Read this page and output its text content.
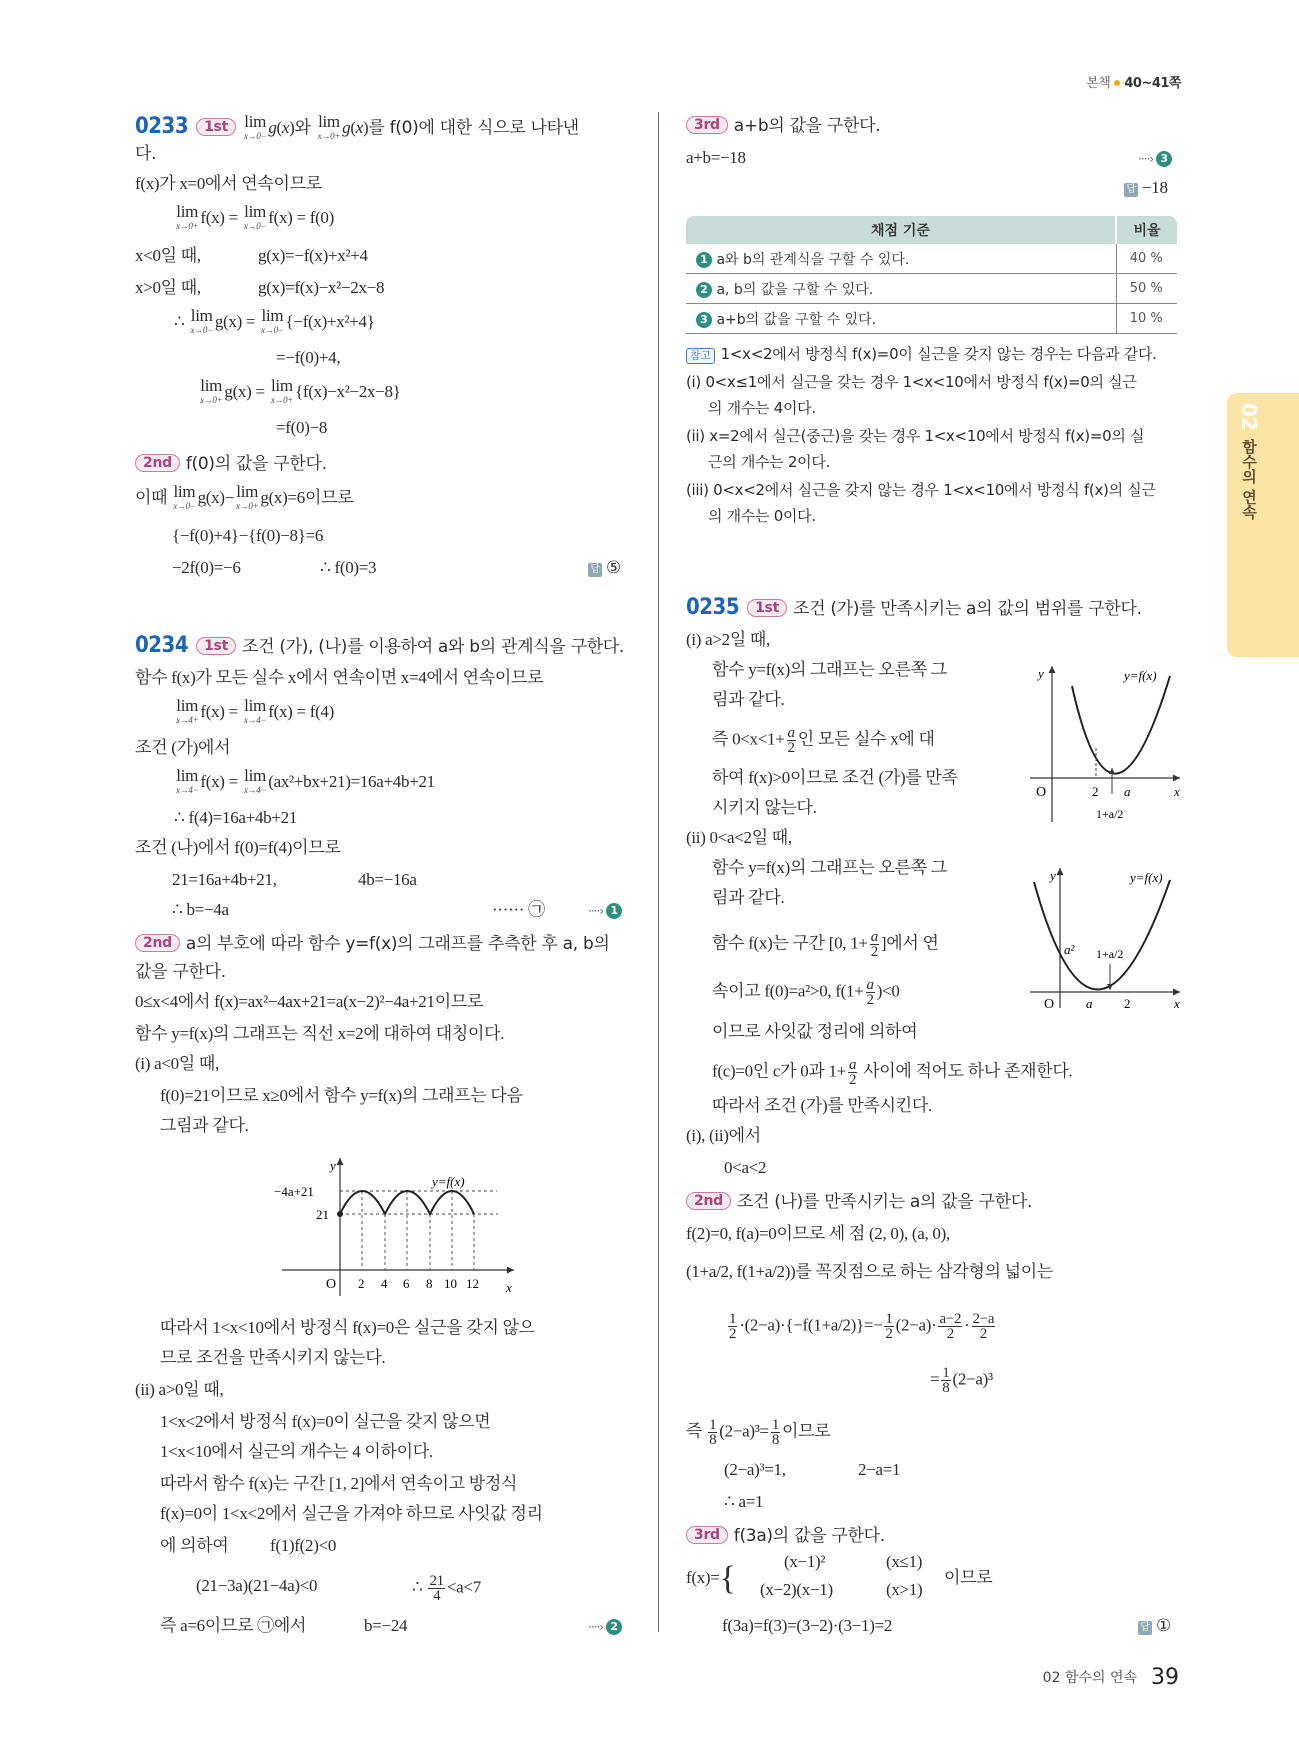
본책 40~41쪽
0233 1st lim
x→0− g(x)와 lim
x→0+ g(x)를 f(0)에 대한 식으로 나타낸
다.
f(x)가 x=0에서 연속이므로
lim
x→0+ f(x) = lim
x→0− f(x) = f(0)
x<0일 때,	g(x)=−f(x)+x²+4
x>0일 때,	g(x)=f(x)−x²−2x−8
∴ lim
x→0− g(x) = lim
x→0− {−f(x)+x²+4}
=−f(0)+4,
lim
x→0+ g(x) = lim
x→0+ {f(x)−x²−2x−8}
=f(0)−8
2nd f(0)의 값을 구한다.
이때 lim
x→0− g(x)− lim
x→0+ g(x)=6이므로
{−f(0)+4}−{f(0)−8}=6
−2f(0)=−6	∴ f(0)=3	답 ⑤
0234 1st 조건 (가), (나)를 이용하여 a와 b의 관계식을 구한다.
함수 f(x)가 모든 실수 x에서 연속이면 x=4에서 연속이므로
lim
x→4+ f(x) = lim
x→4− f(x) = f(4)
조건 (가)에서
lim
x→4− f(x) = lim
x→4− (ax²+bx+21)=16a+4b+21
∴ f(4)=16a+4b+21
조건 (나)에서 f(0)=f(4)이므로
21=16a+4b+21,	4b=−16a
∴ b=−4a	······ ㉠	····› 1
2nd a의 부호에 따라 함수 y=f(x)의 그래프를 추측한 후 a, b의
값을 구한다.
0≤x<4에서 f(x)=ax²−4ax+21=a(x−2)²−4a+21이므로
함수 y=f(x)의 그래프는 직선 x=2에 대하여 대칭이다.
(i) a<0일 때,
f(0)=21이므로 x≥0에서 함수 y=f(x)의 그래프는 다음
그림과 같다.
y
x
O
y=f(x)
−4a+21
21
2 4 6 8 10 12
따라서 1<x<10에서 방정식 f(x)=0은 실근을 갖지 않으
므로 조건을 만족시키지 않는다.
(ii) a>0일 때,
1<x<2에서 방정식 f(x)=0이 실근을 갖지 않으면
1<x<10에서 실근의 개수는 4 이하이다.
따라서 함수 f(x)는 구간 [1, 2]에서 연속이고 방정식
f(x)=0이 1<x<2에서 실근을 가져야 하므로 사잇값 정리
에 의하여 f(1)f(2)<0
(21−3a)(21−4a)<0	∴ $\frac{21}{4} <a<7$
즉 a=6이므로 ㉠에서	b=−24	····› 2
3rd a+b의 값을 구한다.
a+b=−18	····› 3
답 −18
채점 기준	비율
1 a와 b의 관계식을 구할 수 있다.	40 %
2 a, b의 값을 구할 수 있다.	50 %
3 a+b의 값을 구할 수 있다.	10 %
참고 1<x<2에서 방정식 f(x)=0이 실근을 갖지 않는 경우는 다음과 같다.
(i) 0<x≤1에서 실근을 갖는 경우 1<x<10에서 방정식 f(x)=0의 실근
의 개수는 4이다.
(ii) x=2에서 실근(중근)을 갖는 경우 1<x<10에서 방정식 f(x)=0의 실
근의 개수는 2이다.
(iii) 0<x<2에서 실근을 갖지 않는 경우 1<x<10에서 방정식 f(x)의 실근
의 개수는 0이다.
0235 1st 조건 (가)를 만족시키는 a의 값의 범위를 구한다.
(i) a>2일 때,
함수 y=f(x)의 그래프는 오른쪽 그
림과 같다.
즉 $0<x<1+ \frac{a}{2}$ 인 모든 실수 x에 대
하여 f(x)>0이므로 조건 (가)를 만족
시키지 않는다.
y
x
O
y=f(x)
2 a
1+a/2
(ii) 0<a<2일 때,
함수 y=f(x)의 그래프는 오른쪽 그
림과 같다.
함수 f(x)는 구간 [0, $1+ \frac{a}{2}$ ]에서 연
속이고 f(0)=a²>0, $f(1+ \frac{a}{2} )<0$
이므로 사잇값 정리에 의하여
f(c)=0인 c가 0과 $1+ \frac{a}{2}$ 사이에 적어도 하나 존재한다.
따라서 조건 (가)를 만족시킨다.
(i), (ii)에서
0<a<2
y
x
O
y=f(x)
a²
a 2
1+a/2
2nd 조건 (나)를 만족시키는 a의 값을 구한다.
f(2)=0, f(a)=0이므로 세 점 (2, 0), (a, 0),
(1+a/2, f(1+a/2))를 꼭짓점으로 하는 삼각형의 넓이는
$\frac{1}{2} \cdot(2-a)\cdot\{-f(1+a/2)\}=- \frac{1}{2} (2-a)\cdot \frac{a-2}{2} \cdot \frac{2-a}{2}$
= $\frac{1}{8} (2-a)^3$
즉 $\frac{1}{8} (2-a)^3= \frac{1}{8}$ 이므로
(2−a)³=1,	2−a=1
∴ a=1
3rd f(3a)의 값을 구한다.
f(x)={	(x−1)²	(x≤1)
(x−2)(x−1)	(x>1)
이므로
f(3a)=f(3)=(3−2)·(3−1)=2	답 ①
02
함수의 연속
02 함수의 연속 39
